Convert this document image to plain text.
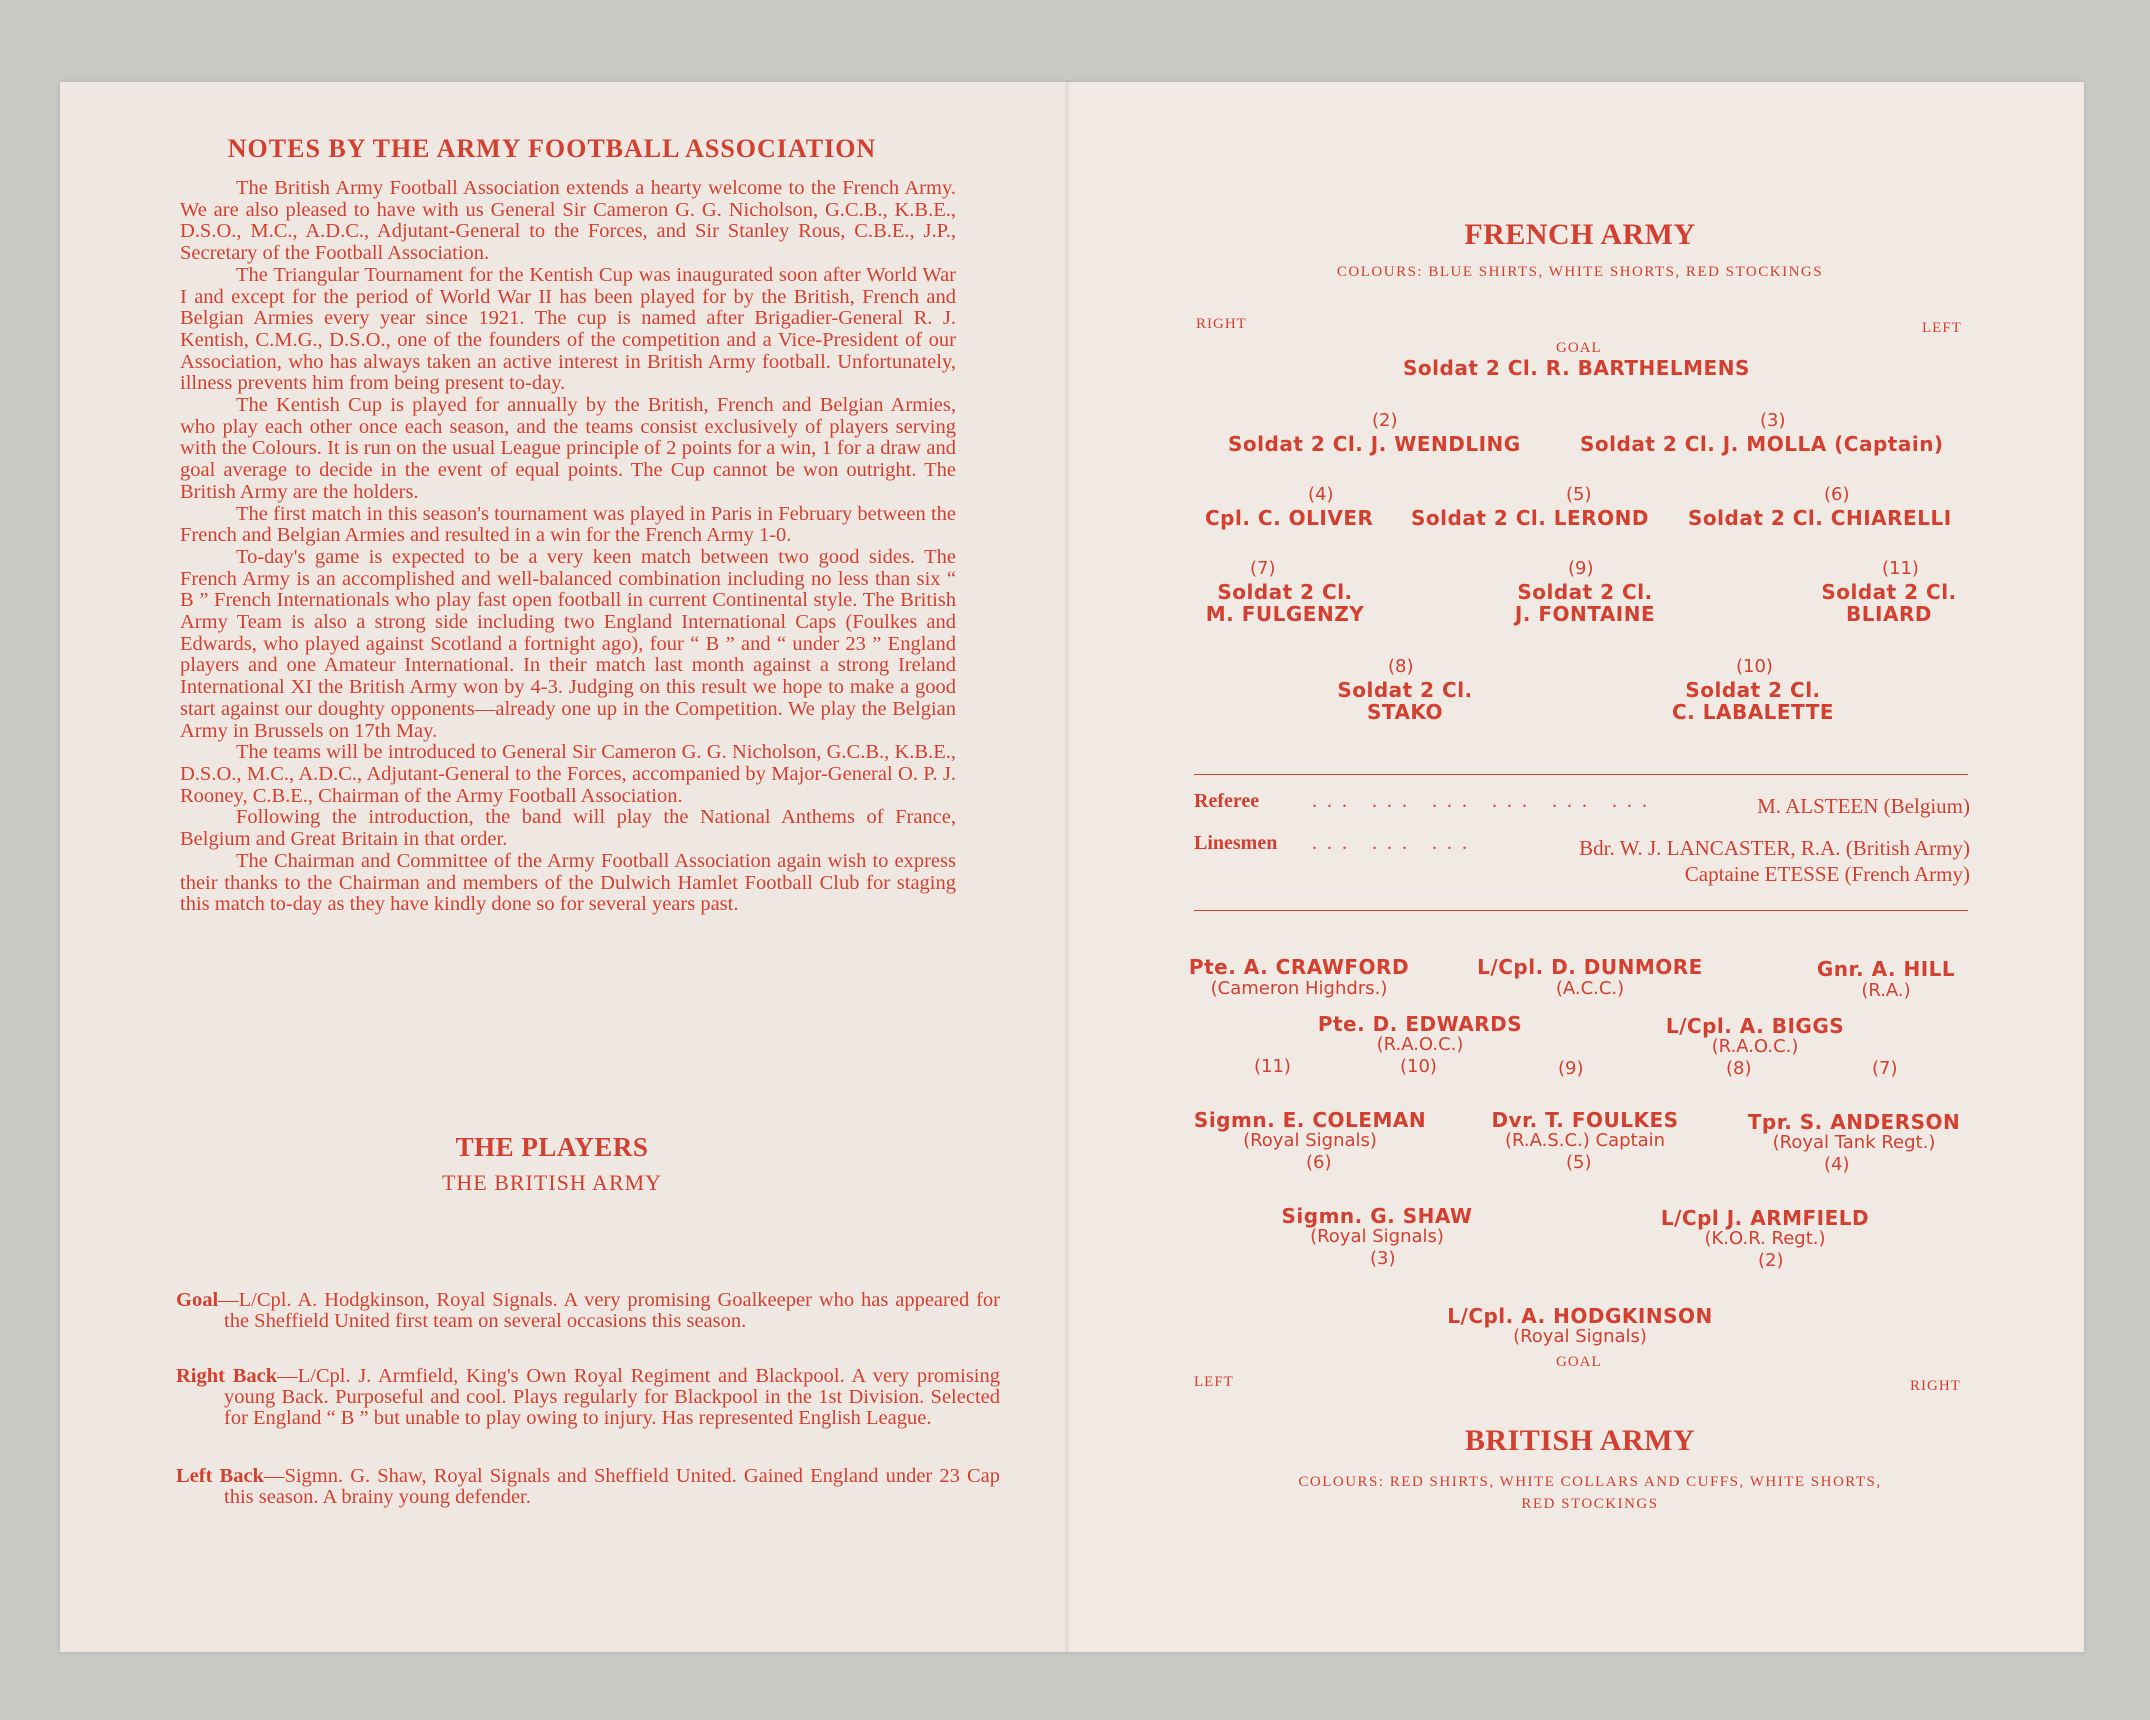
NOTES BY THE ARMY FOOTBALL ASSOCIATION

The British Army Football Association extends a hearty welcome to the French Army. We are also pleased to have with us General Sir Cameron G. G. Nicholson, G.C.B., K.B.E., D.S.O., M.C., A.D.C., Adjutant-General to the Forces, and Sir Stanley Rous, C.B.E., J.P., Secretary of the Football Association.

The Triangular Tournament for the Kentish Cup was inaugurated soon after World War I and except for the period of World War II has been played for by the British, French and Belgian Armies every year since 1921. The cup is named after Brigadier-General R. J. Kentish, C.M.G., D.S.O., one of the founders of the competition and a Vice-President of our Association, who has always taken an active interest in British Army football. Unfortunately, illness prevents him from being present to-day.

The Kentish Cup is played for annually by the British, French and Belgian Armies, who play each other once each season, and the teams consist exclusively of players serving with the Colours. It is run on the usual League principle of 2 points for a win, 1 for a draw and goal average to decide in the event of equal points. The Cup cannot be won outright. The British Army are the holders.

The first match in this season's tournament was played in Paris in February between the French and Belgian Armies and resulted in a win for the French Army 1-0.

To-day's game is expected to be a very keen match between two good sides. The French Army is an accomplished and well-balanced combination including no less than six “ B ” French Internationals who play fast open football in current Continental style. The British Army Team is also a strong side including two England International Caps (Foulkes and Edwards, who played against Scotland a fortnight ago), four “ B ” and “ under 23 ” England players and one Amateur International. In their match last month against a strong Ireland International XI the British Army won by 4-3. Judging on this result we hope to make a good start against our doughty opponents—already one up in the Competition. We play the Belgian Army in Brussels on 17th May.

The teams will be introduced to General Sir Cameron G. G. Nicholson, G.C.B., K.B.E., D.S.O., M.C., A.D.C., Adjutant-General to the Forces, accompanied by Major-General O. P. J. Rooney, C.B.E., Chairman of the Army Football Association.

Following the introduction, the band will play the National Anthems of France, Belgium and Great Britain in that order.

The Chairman and Committee of the Army Football Association again wish to express their thanks to the Chairman and members of the Dulwich Hamlet Football Club for staging this match to-day as they have kindly done so for several years past.

THE PLAYERS
THE BRITISH ARMY
Goal—L/Cpl. A. Hodgkinson, Royal Signals. A very promising Goalkeeper who has appeared for the Sheffield United first team on several occasions this season.
Right Back—L/Cpl. J. Armfield, King's Own Royal Regiment and Blackpool. A very promising young Back. Purposeful and cool. Plays regularly for Blackpool in the 1st Division. Selected for England “ B ” but unable to play owing to injury. Has represented English League.
Left Back—Sigmn. G. Shaw, Royal Signals and Sheffield United. Gained England under 23 Cap this season. A brainy young defender.
FRENCH ARMY
COLOURS: BLUE SHIRTS, WHITE SHORTS, RED STOCKINGS
RIGHT	LEFT
GOAL
Soldat 2 Cl. R. BARTHELMENS
(2)
Soldat 2 Cl. J. WENDLING
(3)
Soldat 2 Cl. J. MOLLA (Captain)
(4)
Cpl. C. OLIVER
(5)
Soldat 2 Cl. LEROND
(6)
Soldat 2 Cl. CHIARELLI
(7)
Soldat 2 Cl.
M. FULGENZY
(9)
Soldat 2 Cl.
J. FONTAINE
(11)
Soldat 2 Cl.
BLIARD
(8)
Soldat 2 Cl.
STAKO
(10)
Soldat 2 Cl.
C. LABALETTE
Referee	... ... ... ... ... ...	M. ALSTEEN (Belgium)
Linesmen ... ... ...	Bdr. W. J. LANCASTER, R.A. (British Army)
Captaine ETESSE (French Army)
Pte. A. CRAWFORD
(Cameron Highdrs.)
L/Cpl. D. DUNMORE
(A.C.C.)
Gnr. A. HILL
(R.A.)
Pte. D. EDWARDS
(R.A.O.C.)
L/Cpl. A. BIGGS
(R.A.O.C.)
(11)	(10)	(9)	(8)	(7)
Sigmn. E. COLEMAN
(Royal Signals)
(6)
Dvr. T. FOULKES
(R.A.S.C.) Captain
(5)
Tpr. S. ANDERSON
(Royal Tank Regt.)
(4)
Sigmn. G. SHAW
(Royal Signals)
(3)
L/Cpl J. ARMFIELD
(K.O.R. Regt.)
(2)
L/Cpl. A. HODGKINSON
(Royal Signals)
GOAL
LEFT	RIGHT
BRITISH ARMY
COLOURS: RED SHIRTS, WHITE COLLARS AND CUFFS, WHITE SHORTS,
RED STOCKINGS
